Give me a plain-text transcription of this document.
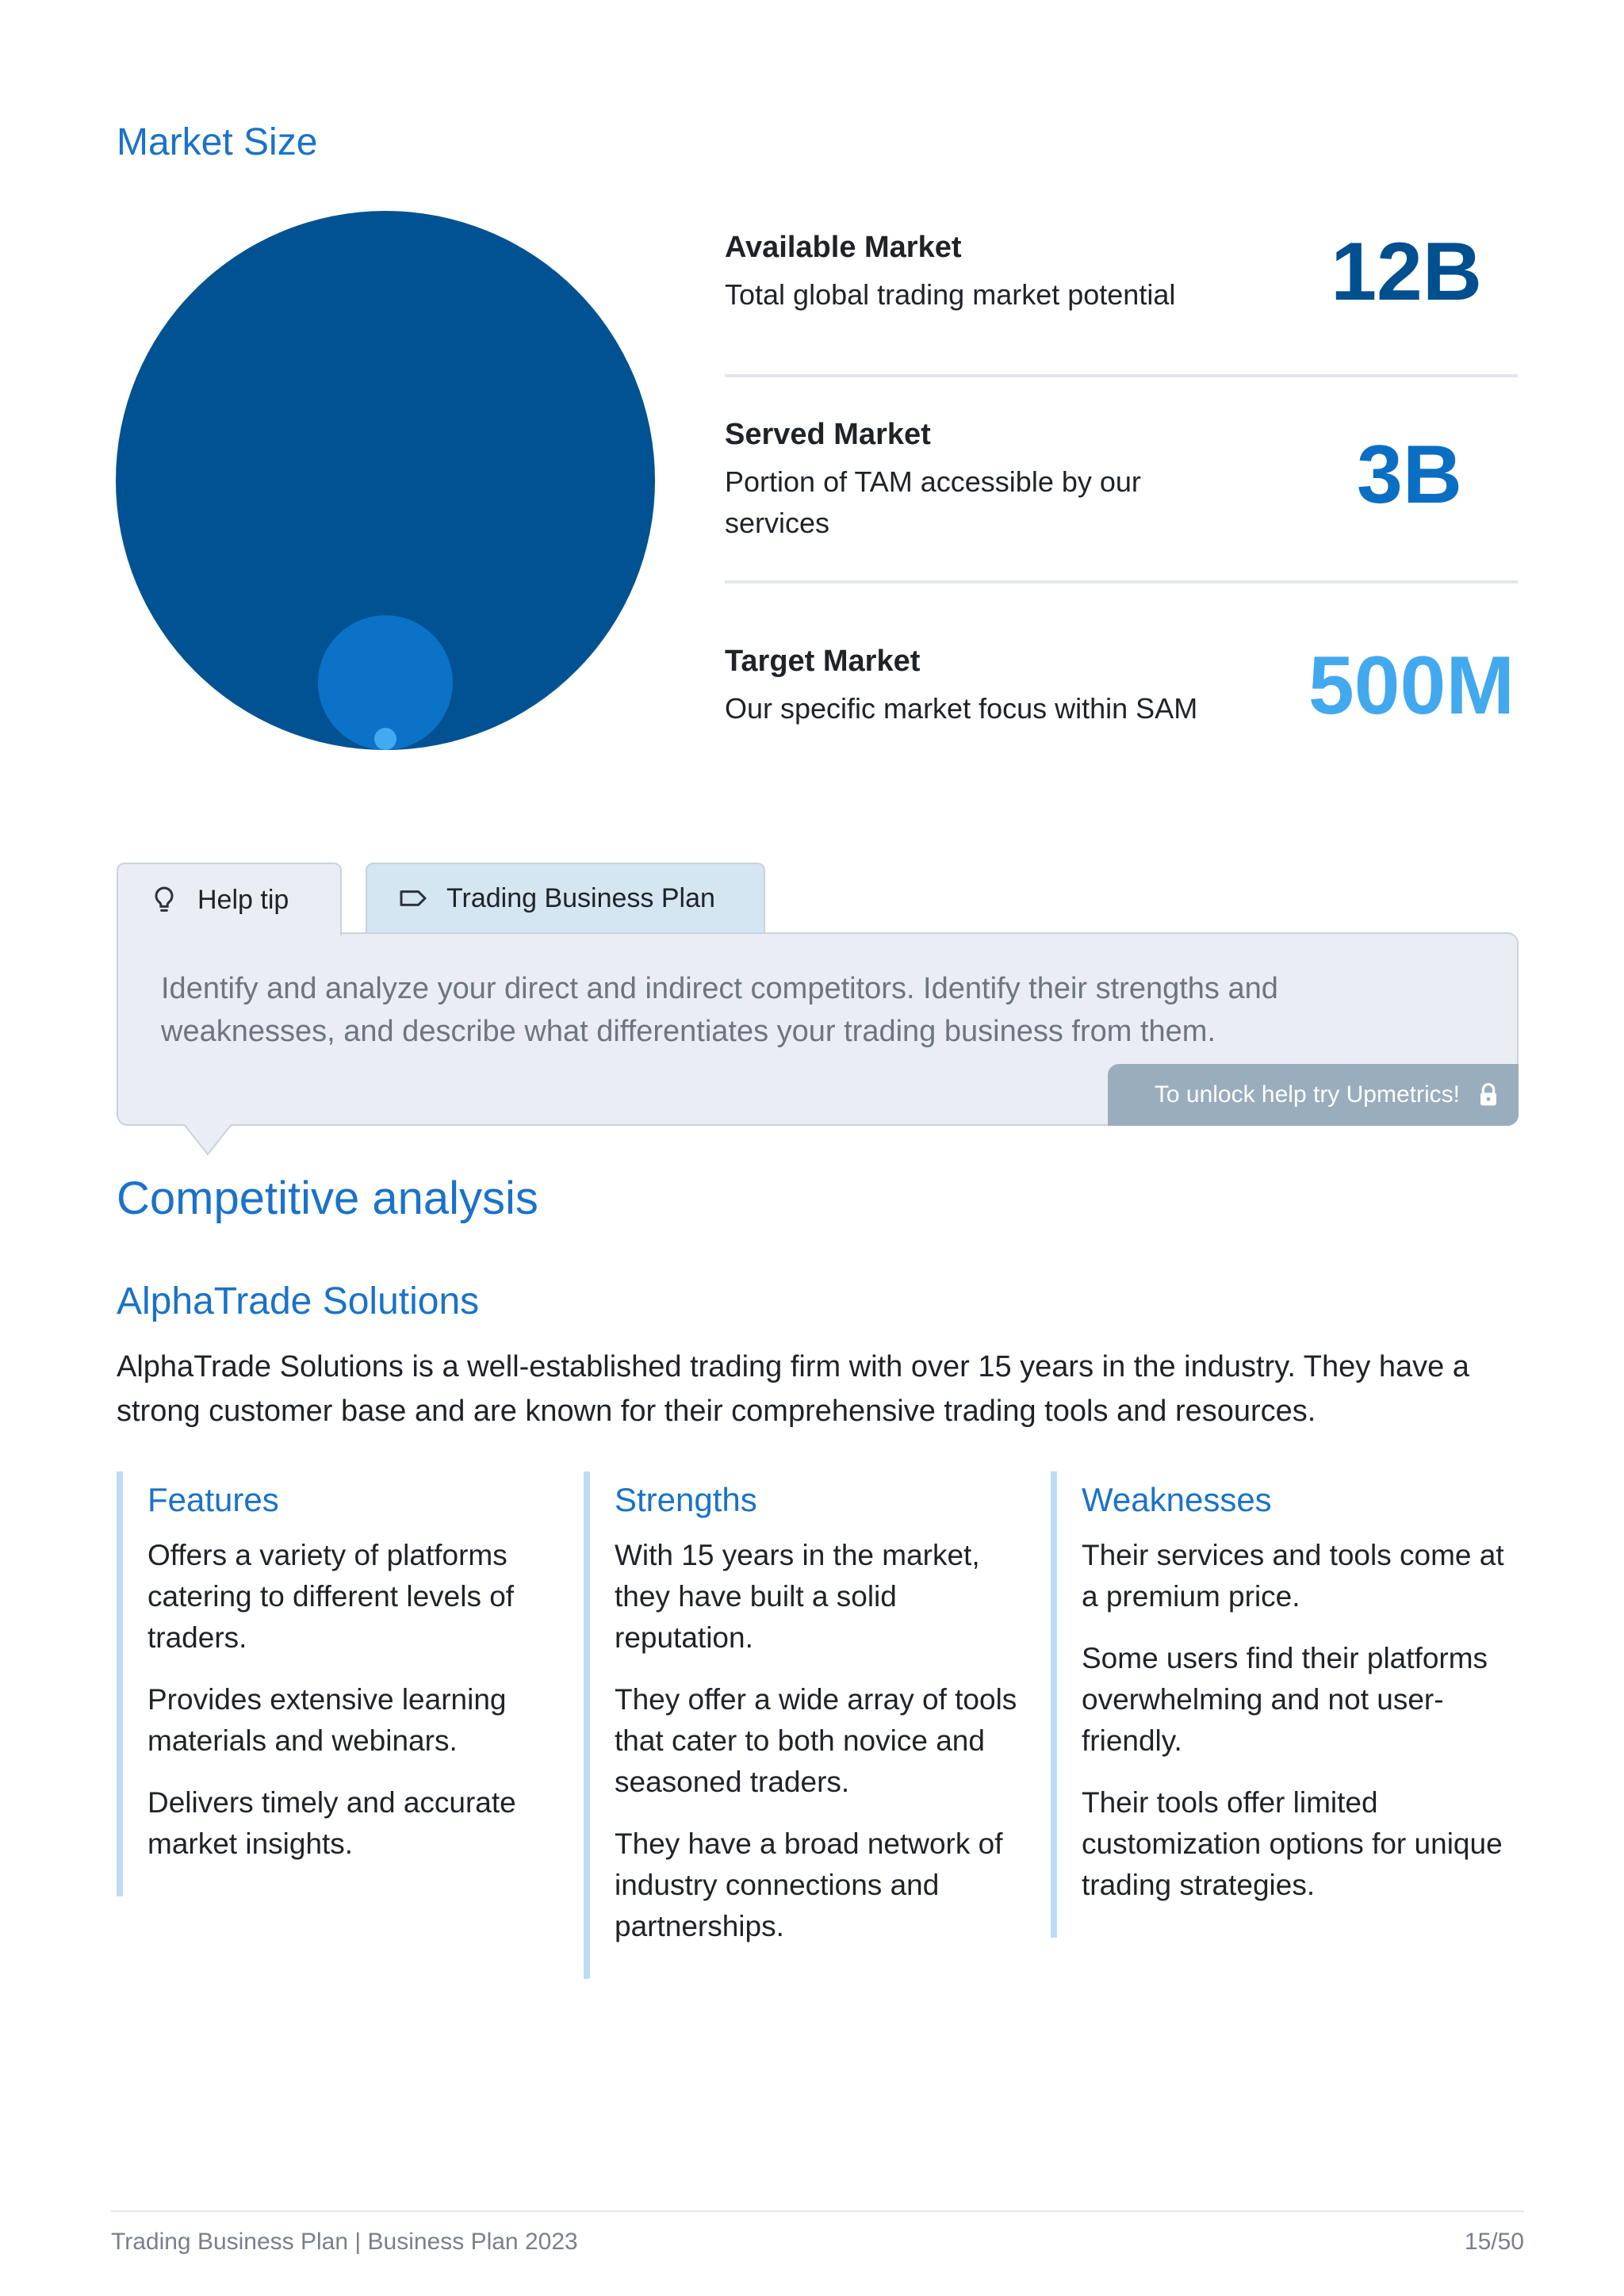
Market Size
Available Market
Total global trading market potential	12B
Served Market
Portion of TAM accessible by our services
3B
Target Market
Our specific market focus within SAM	500M
Help tip	Trading Business Plan
Identify and analyze your direct and indirect competitors. Identify their strengths and weaknesses, and describe what differentiates your trading business from them.
To unlock help try Upmetrics!
Competitive analysis
AlphaTrade Solutions

AlphaTrade Solutions is a well-established trading firm with over 15 years in the industry. They have a strong customer base and are known for their comprehensive trading tools and resources.

Features

Offers a variety of platforms catering to different levels of traders.

Provides extensive learning materials and webinars.

Delivers timely and accurate market insights.

Strengths

With 15 years in the market, they have built a solid reputation.

They offer a wide array of tools that cater to both novice and seasoned traders.

They have a broad network of industry connections and partnerships.

Weaknesses

Their services and tools come at a premium price.

Some users find their platforms overwhelming and not user-friendly.

Their tools offer limited customization options for unique trading strategies.

Trading Business Plan | Business Plan 2023	15/50
